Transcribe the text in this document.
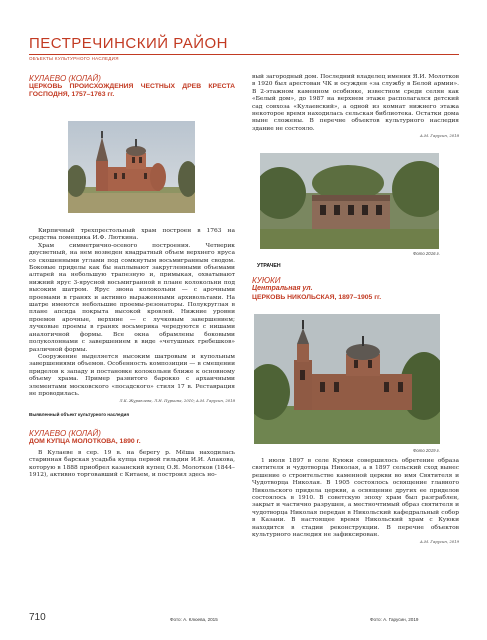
ПЕСТРЕЧИНСКИЙ РАЙОН
ОБЪЕКТЫ КУЛЬТУРНОГО НАСЛЕДИЯ
КУЛАЕВО (КОЛАЙ)
ЦЕРКОВЬ ПРОИСХОЖДЕНИЯ ЧЕСТНЫХ ДРЕВ КРЕСТА ГОСПОДНЯ, 1757–1763 гг.

Кирпичный трехпрестольный храм построен в 1763 на средства помещика И.Ф. Люткина.

Храм симметрично-осевого построения. Четверик двусветный, на нем возведен квадратный объем верхнего яруса со скошенными углами под сомкнутым восьмигранным сводом. Боковые приделы как бы наплывают закругленными объемами алтарей на небольшую трапезную и, примыкая, охватывают нижний ярус 3-ярусной восьмигранной в плане колокольни под высоким шатром. Ярус звона колокольни — с арочными проемами в гранях и активно выраженными архивольтами. На шатре имеются небольшие проемы-резонаторы. Полукруглая в плане апсида покрыта высокой кровлей. Нижние уровни проемов арочные, верхние — с лучковым завершением; лучковые проемы в гранях восьмерика чередуются с нишами аналогичной формы. Все окна обрамлены боковыми полуколоннами с завершением в виде «четушных гребешков» различной формы.

Сооружение выделяется высоким шатровым и купольным завершениями объемов. Особенность композиции — в смещении приделов к западу и постановке колокольни ближе к основному объему храма. Пример развитого барокко с архаичными элементами московского «посадского» стиля 17 в. Реставрация не проводилась.

Л.К. Журавлева, Л.Н. Пуркина, 2010; А.М. Гарусин, 2018
Выявленный объект культурного наследия
КУЛАЕВО (КОЛАЙ)
ДОМ КУПЦА МОЛОТКОВА, 1890 г.

В Кулаеве в сер. 19 в. на берегу р. Мёша находилась старинная барская усадьба купца первой гильдии И.И. Апакова, которую в 1888 приобрел казанский купец О.Я. Молотков (1844–1912), активно торговавший с Китаем, и построил здесь но-

вый загородный дом. Последний владелец имения Я.И. Молотков в 1920 был арестован ЧК и осужден «за службу в Белой армии». В 2-этажном каменном особняке, известном среди селян как «Белый дом», до 1987 на верхнем этаже располагался детский сад совхоза «Кулаевский», а одной из комнат нижнего этажа некоторое время находилась сельская библиотека. Остатки дома ныне сложены. В перечне объектов культурного наследия здание не состояло.

А.М. Гарусин, 2018
Фото 2016 г.
УТРАЧЕН
КУЮКИ
Центральная ул.
ЦЕРКОВЬ НИКОЛЬСКАЯ, 1897–1905 гг.
Фото 2019 г.

1 июля 1897 в селе Куюки совершилось обретение образа святителя и чудотворца Николая, а в 1897 сельский сход вынес решение о строительстве каменной церкви во имя Святителя и Чудотворца Николая. В 1905 состоялось освящение главного Никольского придела церкви, а освящение других ее приделов состоялось в 1910. В советскую эпоху храм был разграблен, закрыт и частично разрушен, а местночтимый образ святителя и чудотворца Николая передан в Никольский кафедральный собор в Казани. В настоящее время Никольский храм с Куюки находится в стадии реконструкции. В перечне объектов культурного наследия не зафиксирован.

А.М. Гарусин, 2019
710	Фото: А. Клюева, 2015	Фото: А. Гарусин, 2019
